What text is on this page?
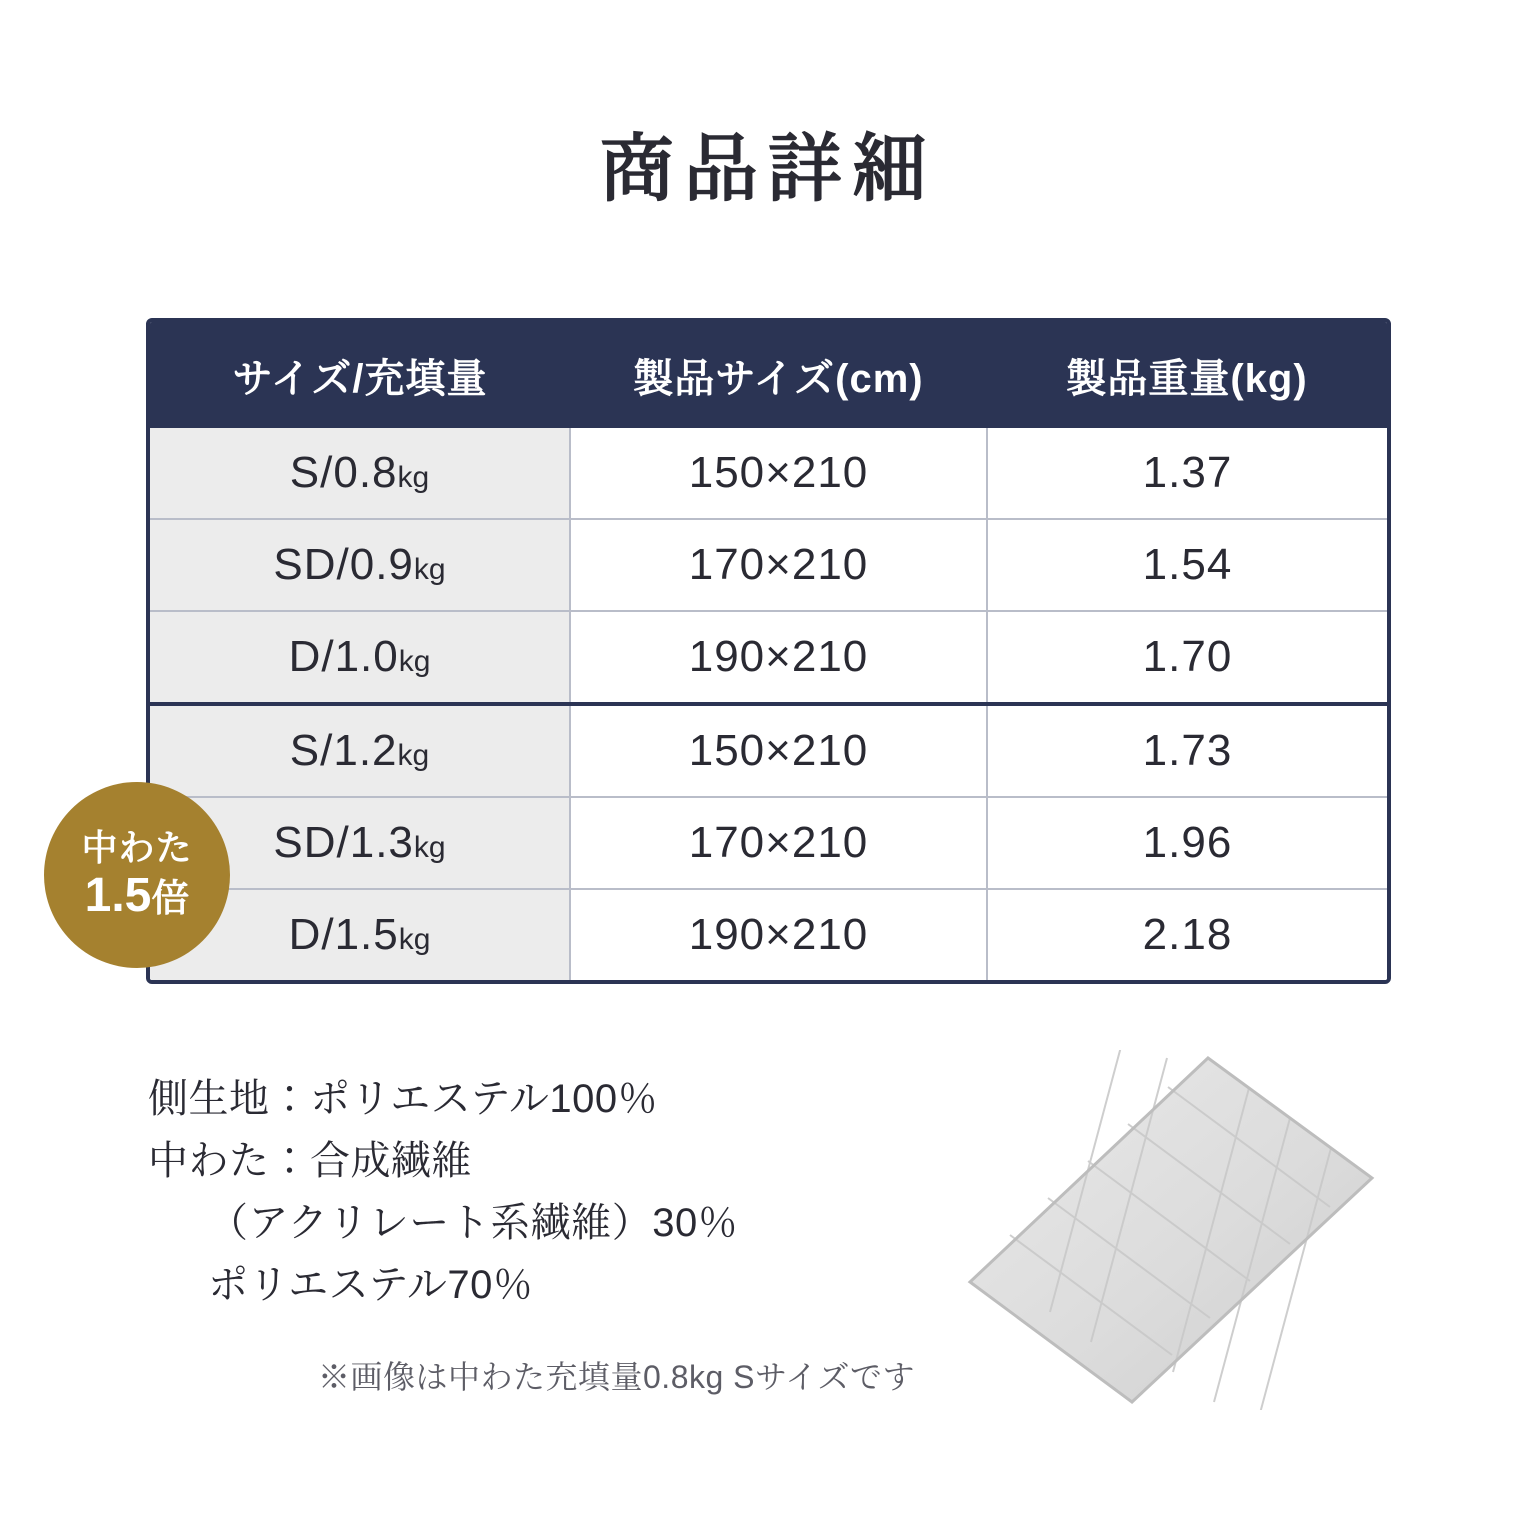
商品詳細
サイズ/充填量	製品サイズ(cm)	製品重量(kg)
S/0.8kg	150×210	1.37
SD/0.9kg	170×210	1.54
D/1.0kg	190×210	1.70
S/1.2kg	150×210	1.73
SD/1.3kg	170×210	1.96
D/1.5kg	190×210	2.18
中わた
1.5倍
側生地：ポリエステル100％
中わた：合成繊維
（アクリレート系繊維）30％
ポリエステル70％
※画像は中わた充填量0.8kg Sサイズです
